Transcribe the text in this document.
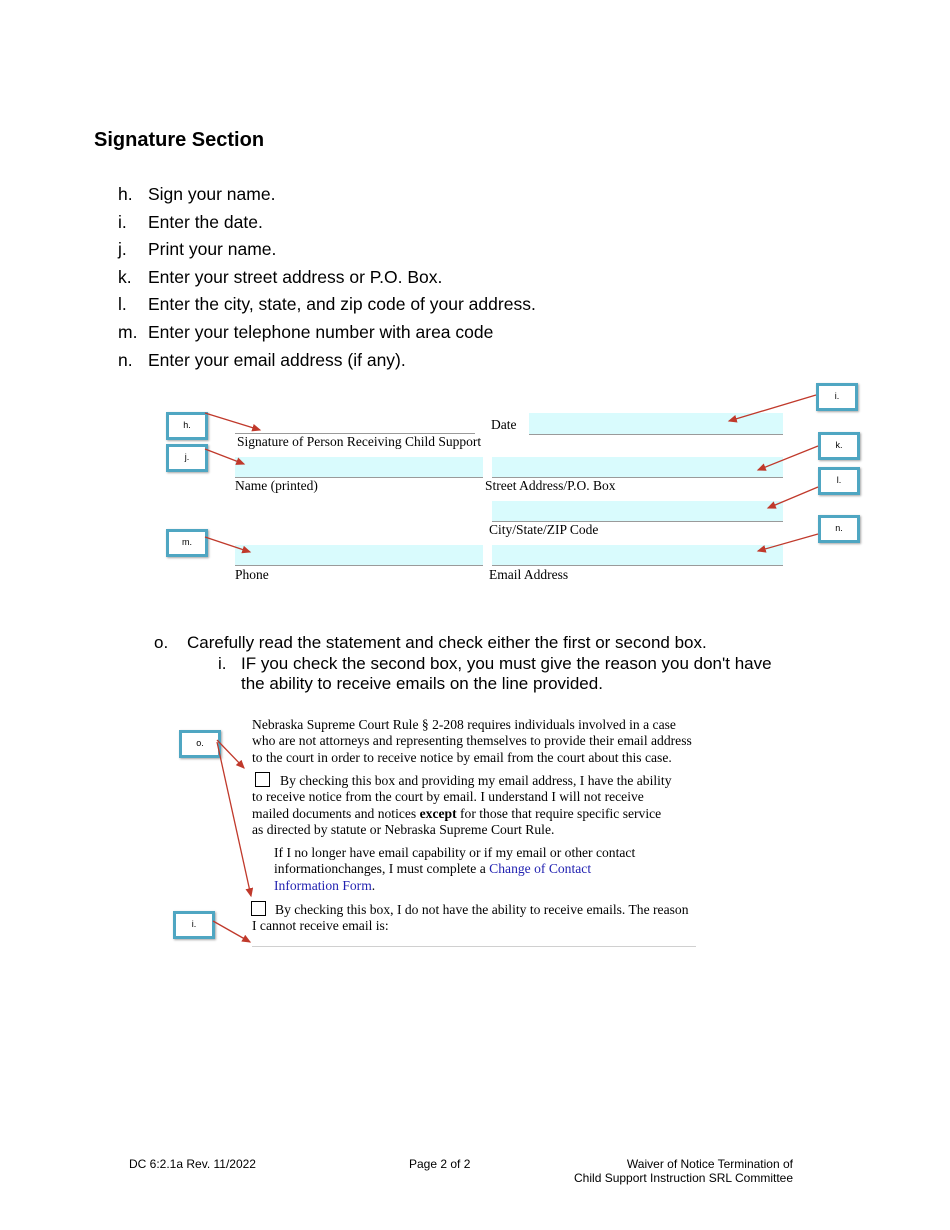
Signature Section
h. Sign your name.
i.	Enter the date.
j.	Print your name.
k. Enter your street address or P.O. Box.
l.	Enter the city, state, and zip code of your address.
m. Enter your telephone number with area code
n. Enter your email address (if any).
Date
Signature of Person Receiving Child Support
Name (printed)	Street Address/P.O. Box
City/State/ZIP Code
Phone	Email Address
h.
j.
m.
i.
k.
l.
n.
o. Carefully read the statement and check either the first or second box.
i. IF you check the second box, you must give the reason you don't have
the ability to receive emails on the line provided.
Nebraska Supreme Court Rule § 2-208 requires individuals involved in a case
who are not attorneys and representing themselves to provide their email address
to the court in order to receive notice by email from the court about this case.
By checking this box and providing my email address, I have the ability
to receive notice from the court by email. I understand I will not receive
mailed documents and notices except for those that require specific service
as directed by statute or Nebraska Supreme Court Rule.
If I no longer have email capability or if my email or other contact
informationchanges, I must complete a Change of Contact
Information Form.
By checking this box, I do not have the ability to receive emails. The reason
I cannot receive email is:
o.
i.
DC 6:2.1a Rev. 11/2022	Page 2 of 2	Waiver of Notice Termination of
Child Support Instruction SRL Committee
